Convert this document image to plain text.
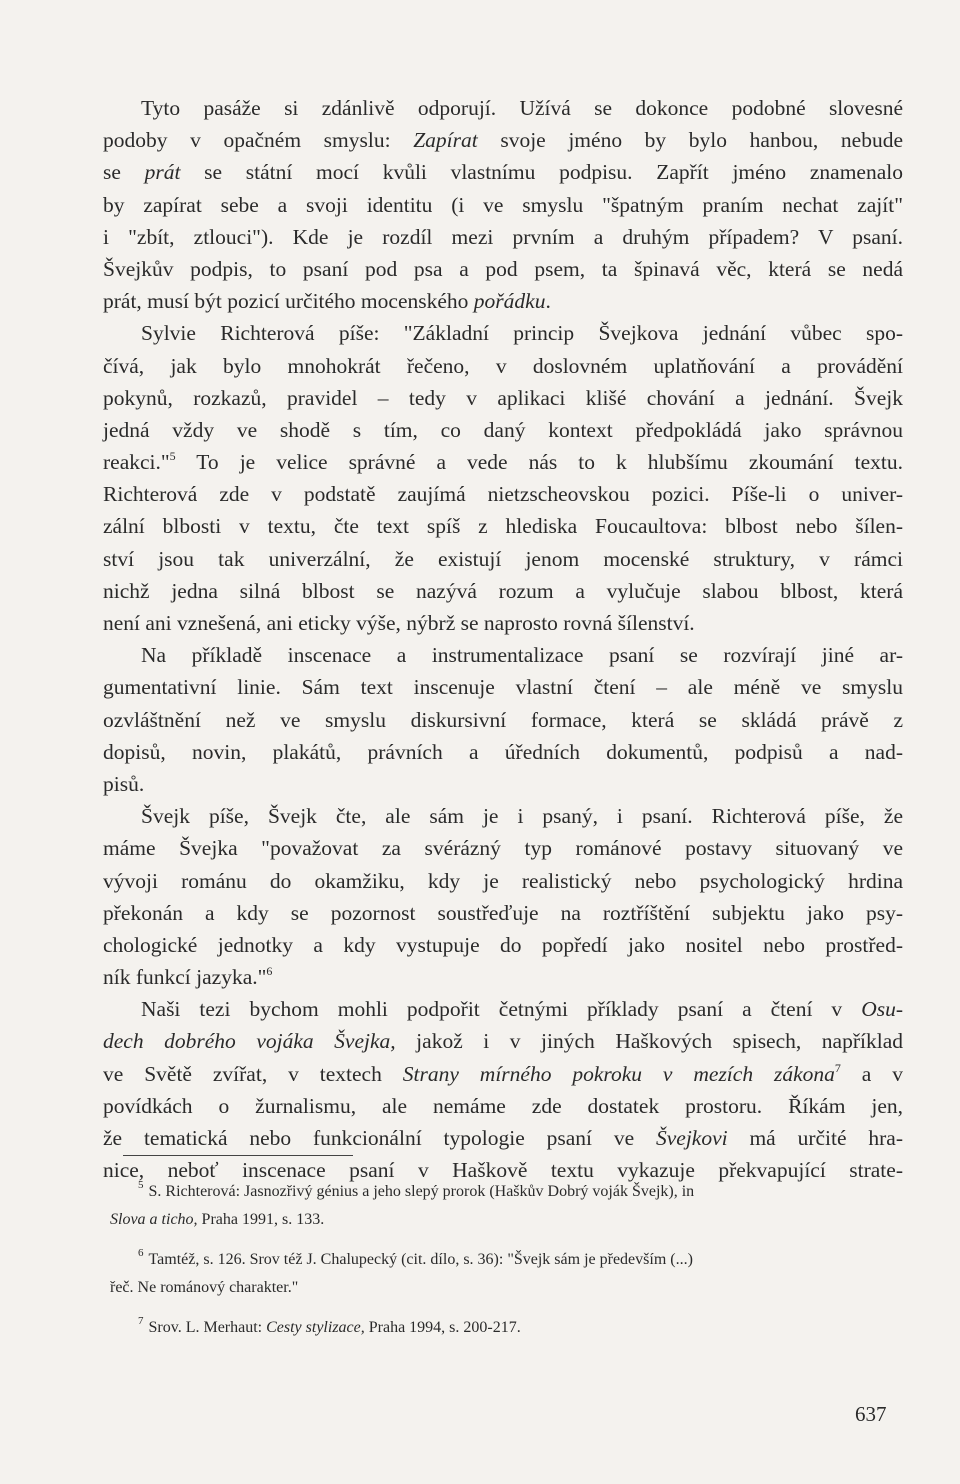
Tyto pasáže si zdánlivě odporují. Užívá se dokonce podobné slovesné
podoby v opačném smyslu: Zapírat svoje jméno by bylo hanbou, nebude
se prát se státní mocí kvůli vlastnímu podpisu. Zapřít jméno znamenalo
by zapírat sebe a svoji identitu (i ve smyslu "špatným praním nechat zajít"
i "zbít, ztlouci"). Kde je rozdíl mezi prvním a druhým případem? V psaní.
Švejkův podpis, to psaní pod psa a pod psem, ta špinavá věc, která se nedá
prát, musí být pozicí určitého mocenského pořádku.
Sylvie Richterová píše: "Základní princip Švejkova jednání vůbec spo-
čívá, jak bylo mnohokrát řečeno, v doslovném uplatňování a provádění
pokynů, rozkazů, pravidel – tedy v aplikaci klišé chování a jednání. Švejk
jedná vždy ve shodě s tím, co daný kontext předpokládá jako správnou
reakci."$^5$ To je velice správné a vede nás to k hlubšímu zkoumání textu.
Richterová zde v podstatě zaujímá nietzscheovskou pozici. Píše-li o univer-
zální blbosti v textu, čte text spíš z hlediska Foucaultova: blbost nebo šílen-
ství jsou tak univerzální, že existují jenom mocenské struktury, v rámci
nichž jedna silná blbost se nazývá rozum a vylučuje slabou blbost, která
není ani vznešená, ani eticky výše, nýbrž se naprosto rovná šílenství.
Na příkladě inscenace a instrumentalizace psaní se rozvírají jiné ar-
gumentativní linie. Sám text inscenuje vlastní čtení – ale méně ve smyslu
ozvláštnění než ve smyslu diskursivní formace, která se skládá právě z
dopisů, novin, plakátů, právních a úředních dokumentů, podpisů a nad-
pisů.
Švejk píše, Švejk čte, ale sám je i psaný, i psaní. Richterová píše, že
máme Švejka "považovat za svérázný typ románové postavy situovaný ve
vývoji románu do okamžiku, kdy je realistický nebo psychologický hrdina
překonán a kdy se pozornost soustřeďuje na roztříštění subjektu jako psy-
chologické jednotky a kdy vystupuje do popředí jako nositel nebo prostřed-
ník funkcí jazyka."$^6$
Naši tezi bychom mohli podpořit četnými příklady psaní a čtení v Osu-
dech dobrého vojáka Švejka, jakož i v jiných Haškových spisech, například
ve Světě zvířat, v textech Strany mírného pokroku v mezích zákona$^7$ a v
povídkách o žurnalismu, ale nemáme zde dostatek prostoru. Říkám jen,
že tematická nebo funkcionální typologie psaní ve Švejkovi má určité hra-
nice, neboť inscenace psaní v Haškově textu vykazuje překvapující strate-
$^5$ S. Richterová: Jasnozřivý génius a jeho slepý prorok (Haškův Dobrý voják Švejk), in
Slova a ticho, Praha 1991, s. 133.
$^6$ Tamtéž, s. 126. Srov též J. Chalupecký (cit. dílo, s. 36): "Švejk sám je především (...)
řeč. Ne románový charakter."
$^7$ Srov. L. Merhaut: Cesty stylizace, Praha 1994, s. 200-217.
637
